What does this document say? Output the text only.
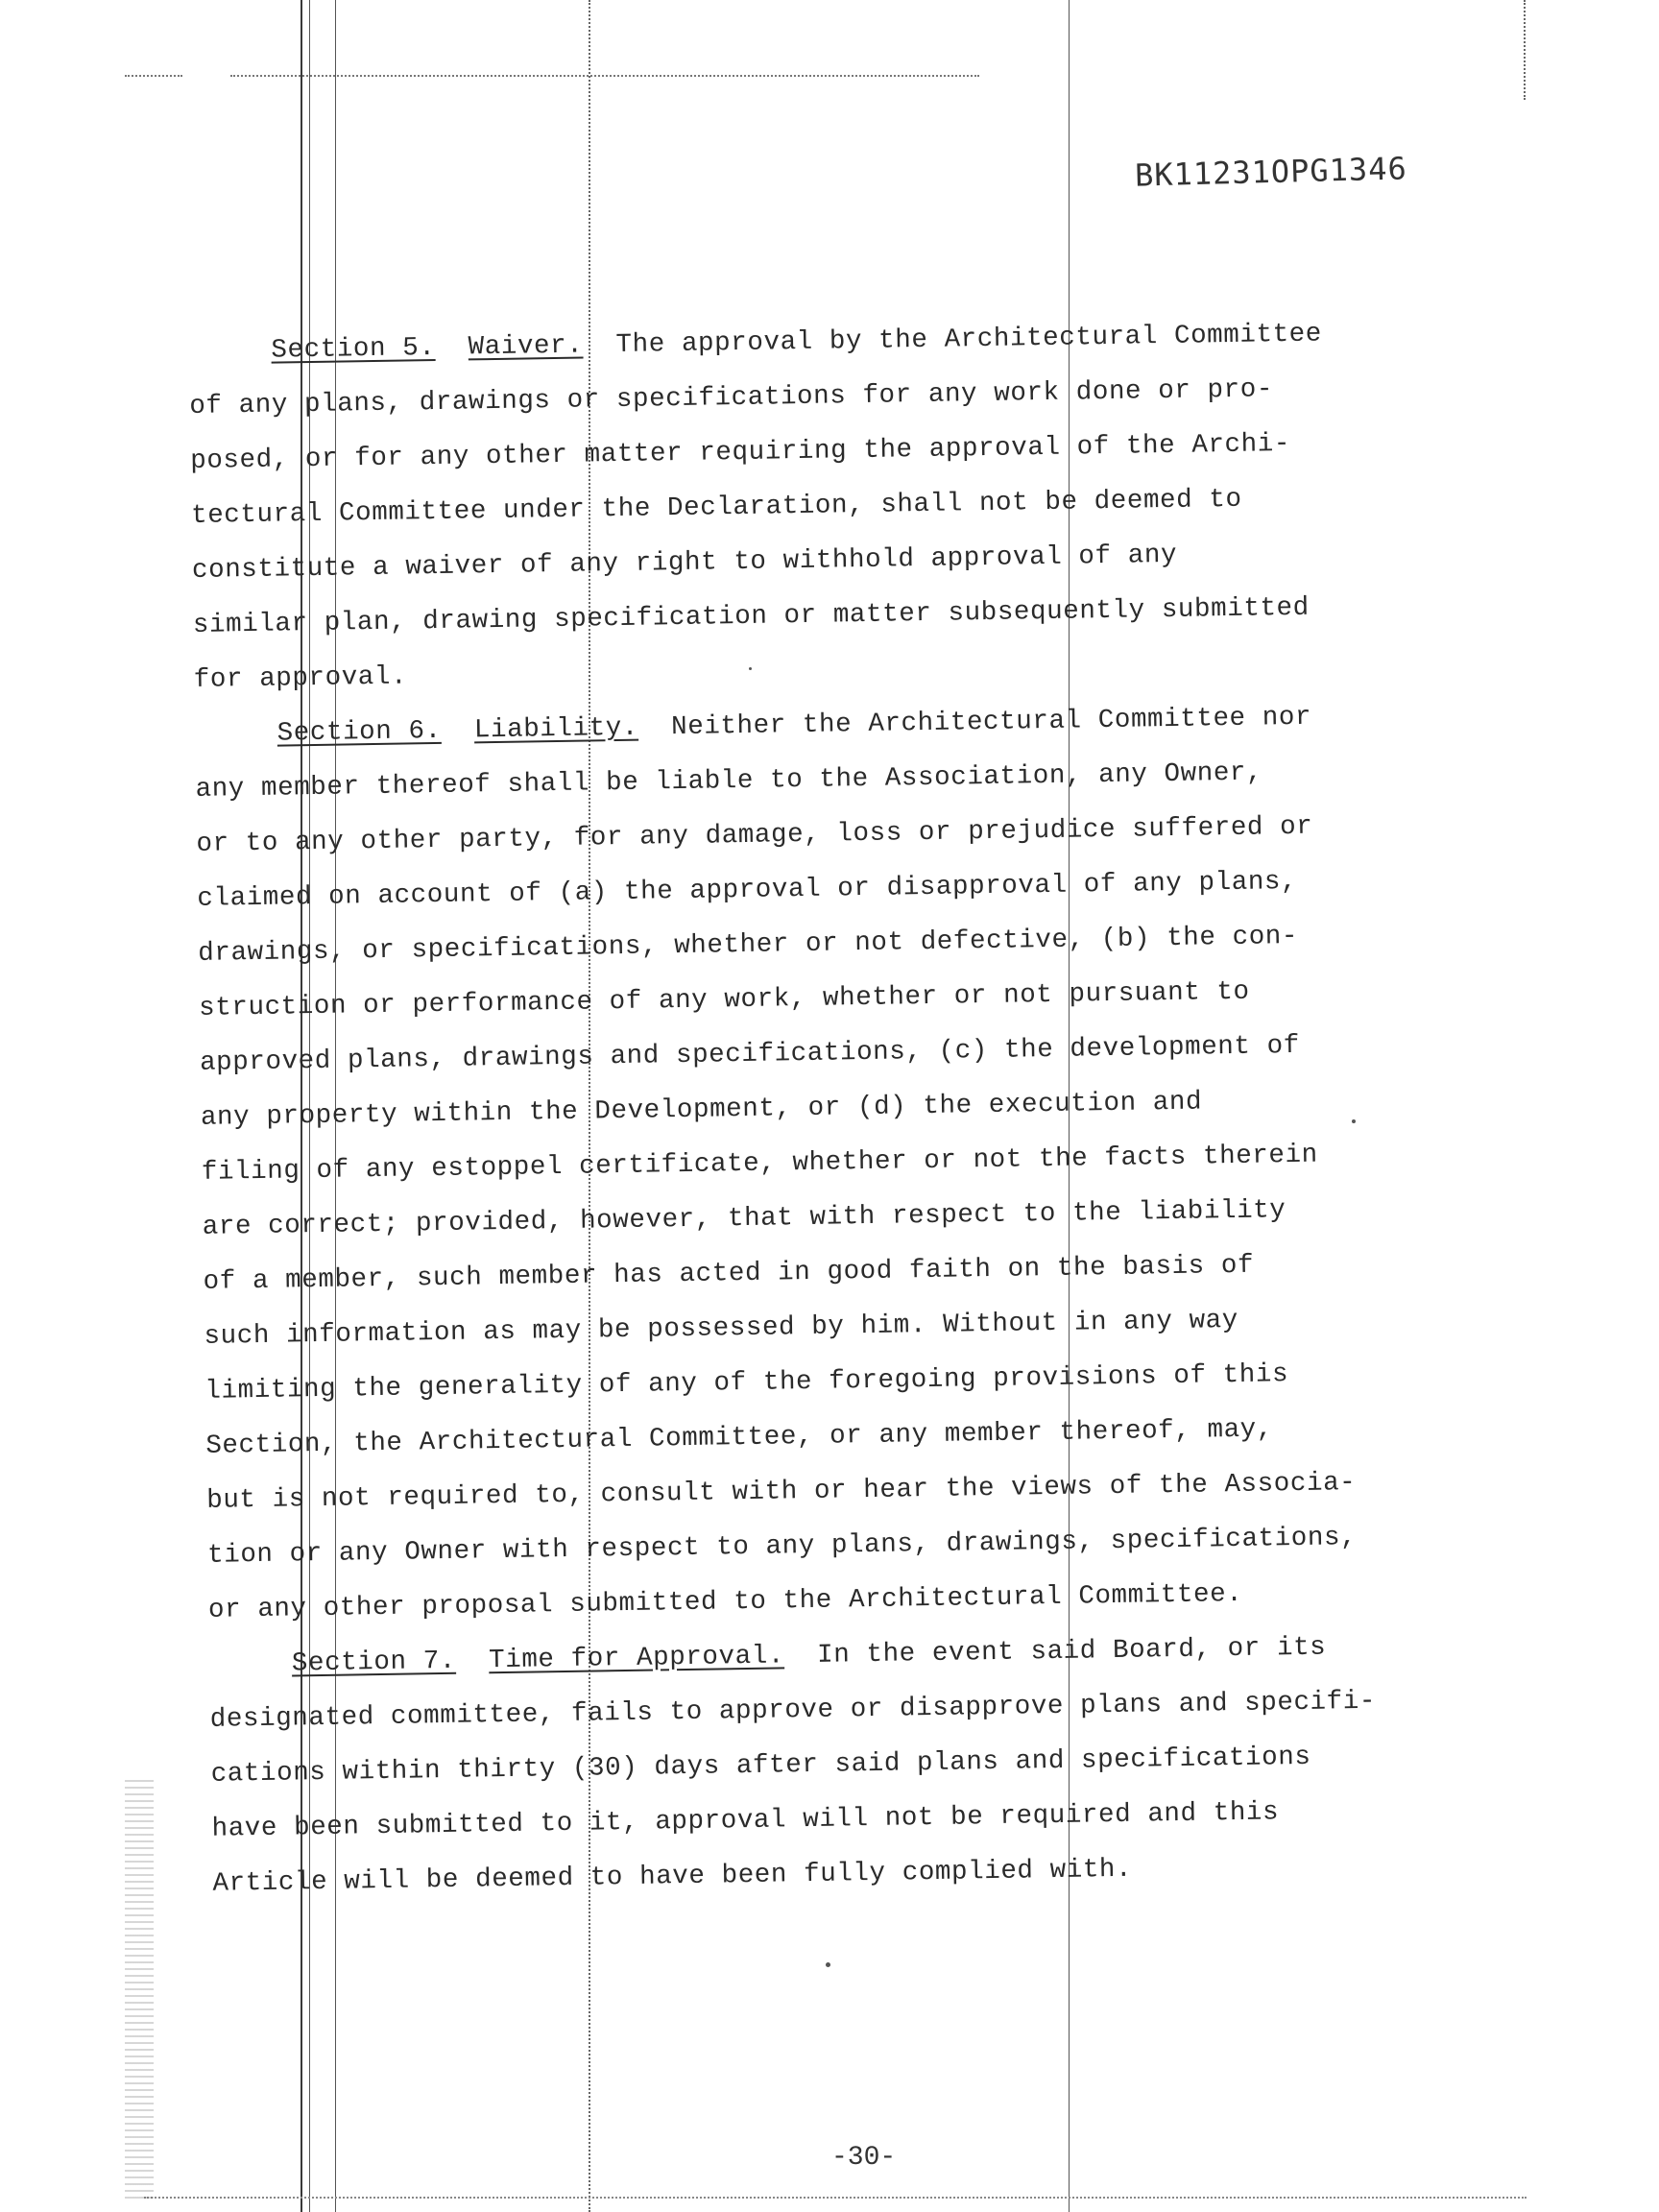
BK11231OPG1346
Section 5. Waiver. The approval by the Architectural Committee
of any plans, drawings or specifications for any work done or pro-
posed, or for any other matter requiring the approval of the Archi-
tectural Committee under the Declaration, shall not be deemed to
constitute a waiver of any right to withhold approval of any
similar plan, drawing specification or matter subsequently submitted
for approval.
Section 6. Liability. Neither the Architectural Committee nor
any member thereof shall be liable to the Association, any Owner,
or to any other party, for any damage, loss or prejudice suffered or
claimed on account of (a) the approval or disapproval of any plans,
drawings, or specifications, whether or not defective, (b) the con-
struction or performance of any work, whether or not pursuant to
approved plans, drawings and specifications, (c) the development of
any property within the Development, or (d) the execution and
filing of any estoppel certificate, whether or not the facts therein
are correct; provided, however, that with respect to the liability
of a member, such member has acted in good faith on the basis of
such information as may be possessed by him. Without in any way
limiting the generality of any of the foregoing provisions of this
Section, the Architectural Committee, or any member thereof, may,
but is not required to, consult with or hear the views of the Associa-
tion or any Owner with respect to any plans, drawings, specifications,
or any other proposal submitted to the Architectural Committee.
Section 7. Time for Approval. In the event said Board, or its
designated committee, fails to approve or disapprove plans and specifi-
cations within thirty (30) days after said plans and specifications
have been submitted to it, approval will not be required and this
Article will be deemed to have been fully complied with.
-30-
